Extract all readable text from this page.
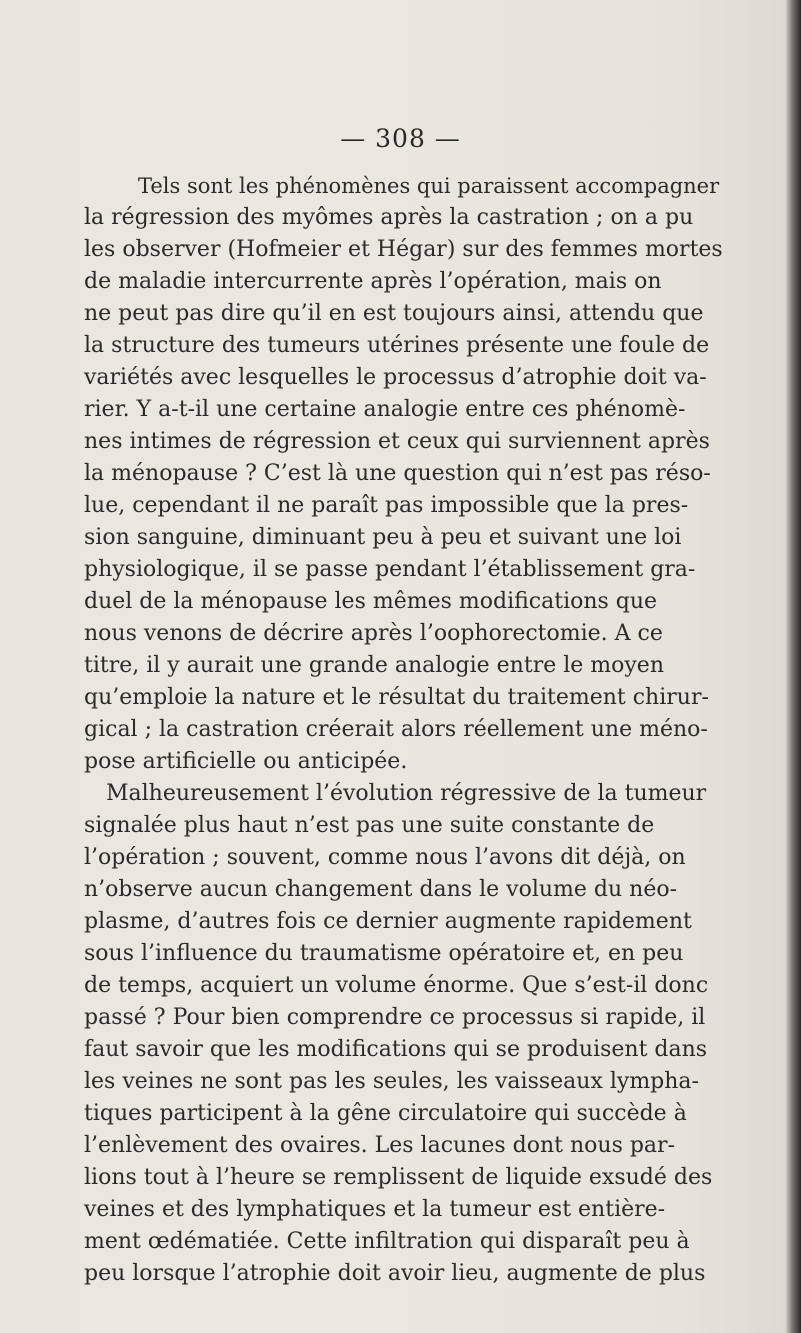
— 308 —
Tels sont les phénomènes qui paraissent accompagner
la régression des myômes après la castration ; on a pu
les observer (Hofmeier et Hégar) sur des femmes mortes
de maladie intercurrente après l’opération, mais on
ne peut pas dire qu’il en est toujours ainsi, attendu que
la structure des tumeurs utérines présente une foule de
variétés avec lesquelles le processus d’atrophie doit va-
rier. Y a-t-il une certaine analogie entre ces phénomè-
nes intimes de régression et ceux qui surviennent après
la ménopause ? C’est là une question qui n’est pas réso-
lue, cependant il ne paraît pas impossible que la pres-
sion sanguine, diminuant peu à peu et suivant une loi
physiologique, il se passe pendant l’établissement gra-
duel de la ménopause les mêmes modifications que
nous venons de décrire après l’oophorectomie. A ce
titre, il y aurait une grande analogie entre le moyen
qu’emploie la nature et le résultat du traitement chirur-
gical ; la castration créerait alors réellement une méno-
pose artificielle ou anticipée.
Malheureusement l’évolution régressive de la tumeur
signalée plus haut n’est pas une suite constante de
l’opération ; souvent, comme nous l’avons dit déjà, on
n’observe aucun changement dans le volume du néo-
plasme, d’autres fois ce dernier augmente rapidement
sous l’influence du traumatisme opératoire et, en peu
de temps, acquiert un volume énorme. Que s’est-il donc
passé ? Pour bien comprendre ce processus si rapide, il
faut savoir que les modifications qui se produisent dans
les veines ne sont pas les seules, les vaisseaux lympha-
tiques participent à la gêne circulatoire qui succède à
l’enlèvement des ovaires. Les lacunes dont nous par-
lions tout à l’heure se remplissent de liquide exsudé des
veines et des lymphatiques et la tumeur est entière-
ment œdématiée. Cette infiltration qui disparaît peu à
peu lorsque l’atrophie doit avoir lieu, augmente de plus
